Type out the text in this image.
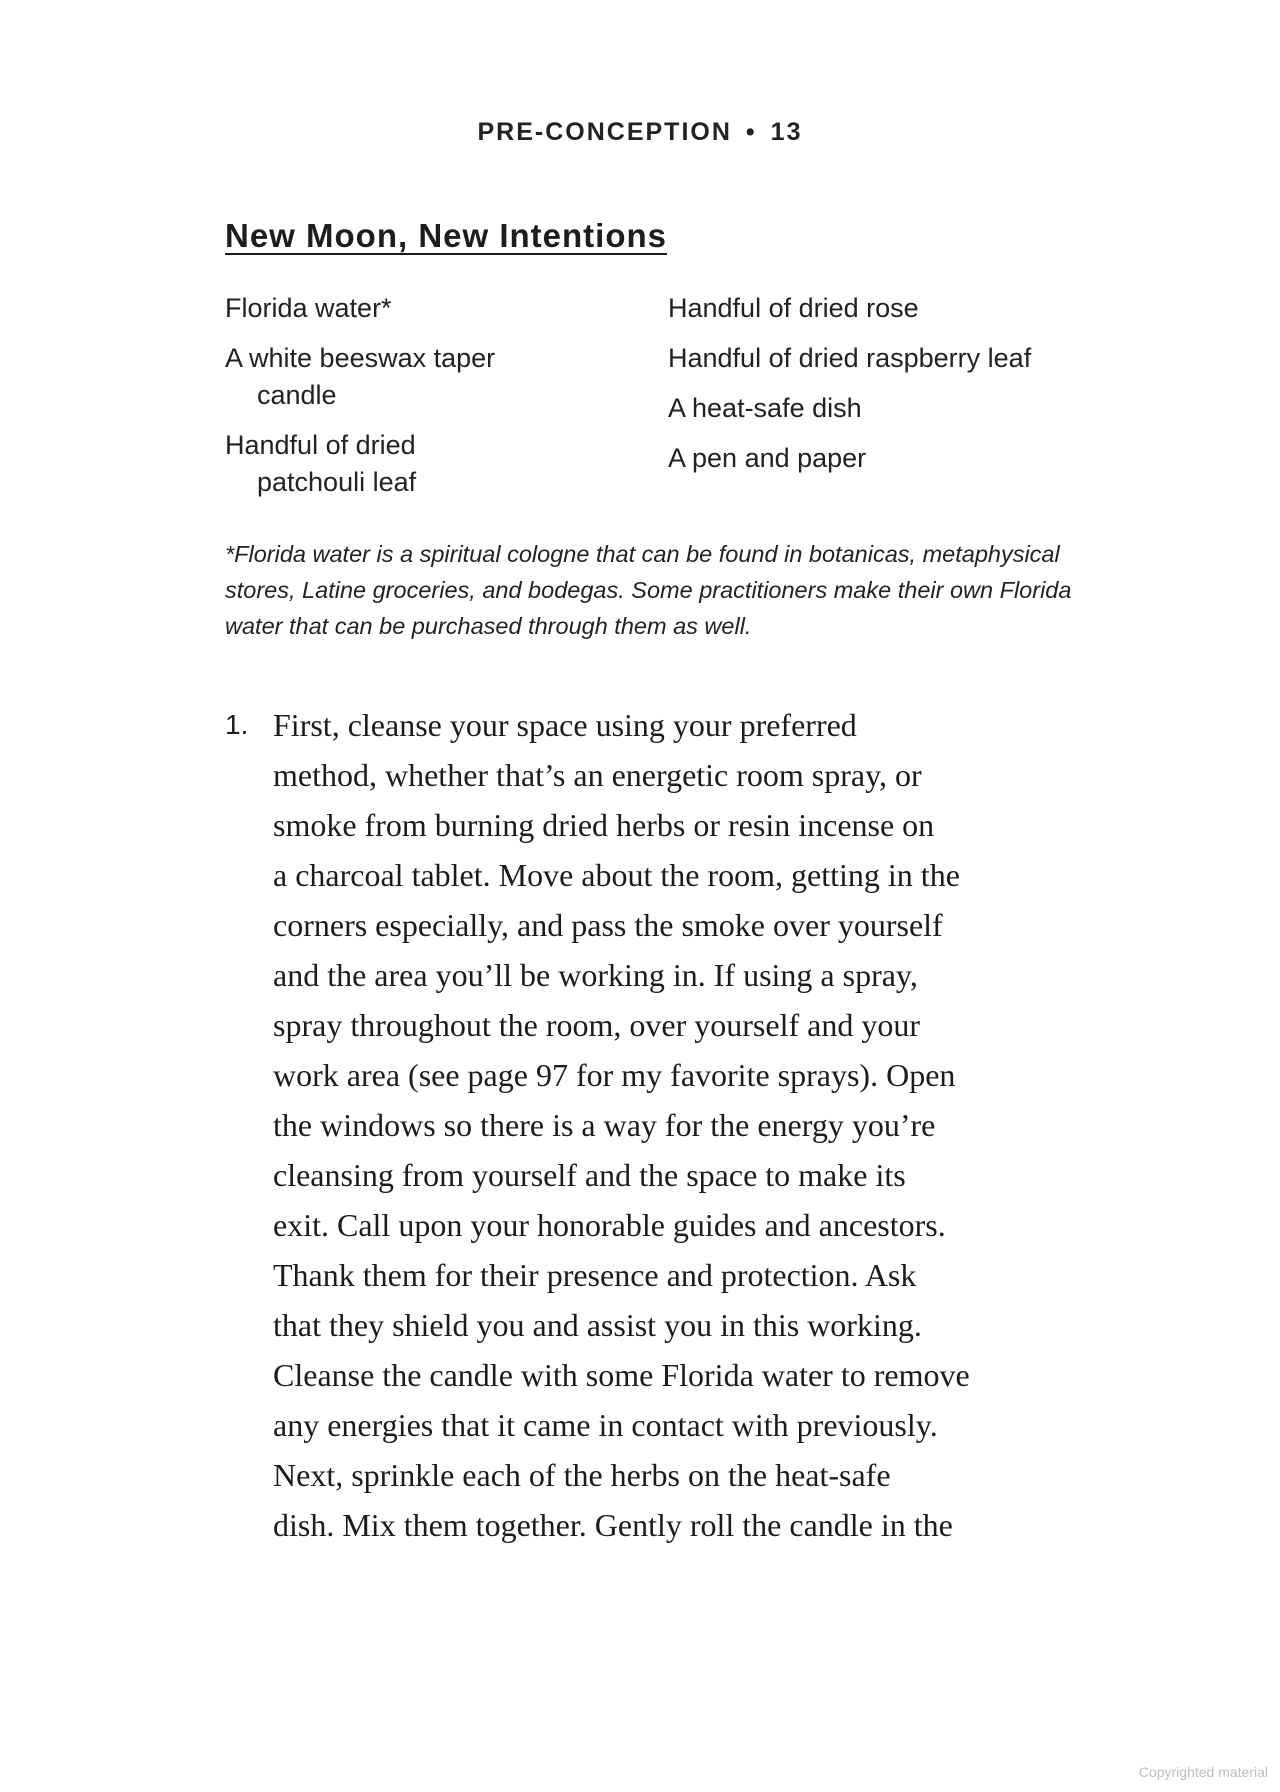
PRE-CONCEPTION • 13
New Moon, New Intentions
Florida water*
A white beeswax taper candle
Handful of dried patchouli leaf
Handful of dried rose
Handful of dried raspberry leaf
A heat-safe dish
A pen and paper

*Florida water is a spiritual cologne that can be found in botanicas, metaphysical stores, Latine groceries, and bodegas. Some practitioners make their own Florida water that can be purchased through them as well.

1. First, cleanse your space using your preferred
method, whether that’s an energetic room spray, or
smoke from burning dried herbs or resin incense on
a charcoal tablet. Move about the room, getting in the
corners especially, and pass the smoke over yourself
and the area you’ll be working in. If using a spray,
spray throughout the room, over yourself and your
work area (see page 97 for my favorite sprays). Open
the windows so there is a way for the energy you’re
cleansing from yourself and the space to make its
exit. Call upon your honorable guides and ancestors.
Thank them for their presence and protection. Ask
that they shield you and assist you in this working.
Cleanse the candle with some Florida water to remove
any energies that it came in contact with previously.
Next, sprinkle each of the herbs on the heat-safe
dish. Mix them together. Gently roll the candle in the
Copyrighted material
